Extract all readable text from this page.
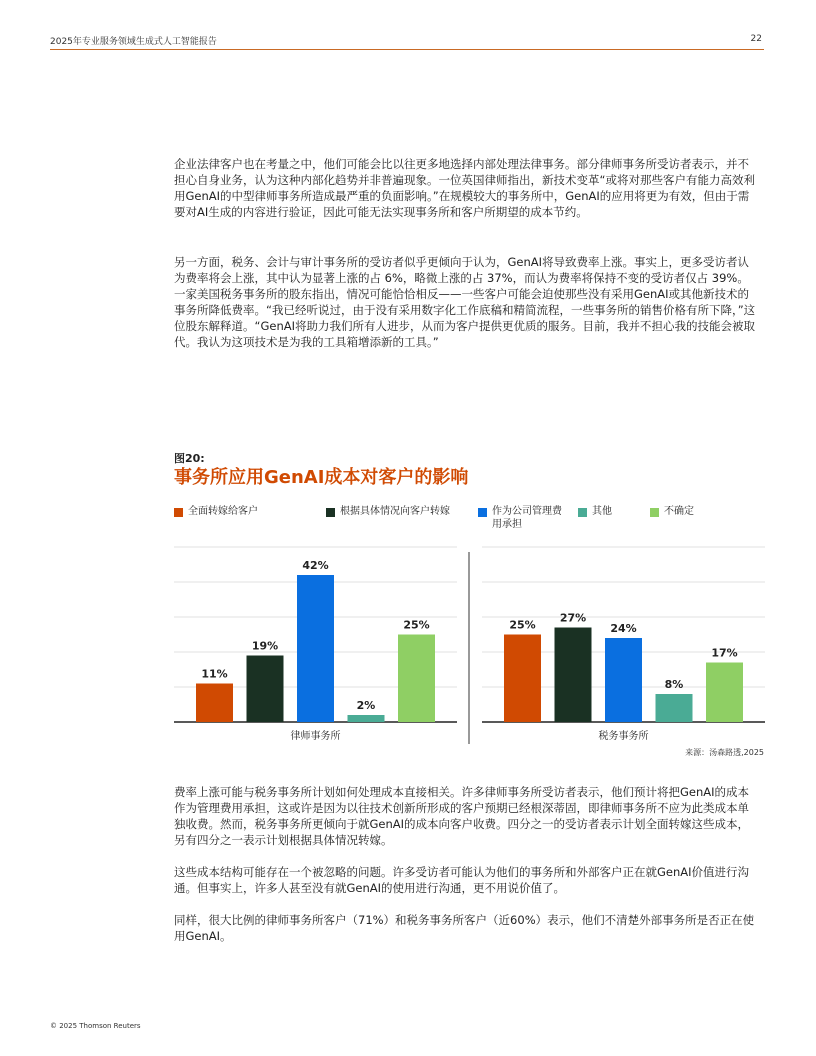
2025年专业服务领域生成式人工智能报告	22

企业法律客户也在考量之中，他们可能会比以往更多地选择内部处理法律事务。部分律师事务所受访者表示，并不担心自身业务，认为这种内部化趋势并非普遍现象。一位英国律师指出，新技术变革“或将对那些客户有能力高效利用GenAI的中型律师事务所造成最严重的负面影响。”在规模较大的事务所中，GenAI的应用将更为有效，但由于需要对AI生成的内容进行验证，因此可能无法实现事务所和客户所期望的成本节约。

另一方面，税务、会计与审计事务所的受访者似乎更倾向于认为，GenAI将导致费率上涨。事实上，更多受访者认为费率将会上涨，其中认为显著上涨的占 6%，略微上涨的占 37%，而认为费率将保持不变的受访者仅占 39%。一家美国税务事务所的股东指出，情况可能恰恰相反——一些客户可能会迫使那些没有采用GenAI或其他新技术的事务所降低费率。“我已经听说过，由于没有采用数字化工作底稿和精简流程，一些事务所的销售价格有所下降，”这位股东解释道。“GenAI将助力我们所有人进步，从而为客户提供更优质的服务。目前，我并不担心我的技能会被取代。我认为这项技术是为我的工具箱增添新的工具。”

图20:
事务所应用GenAI成本对客户的影响
全面转嫁给客户	根据具体情况向客户转嫁	作为公司管理费用承担
其他	不确定
11%
19%
42%
2%
25%
律师事务所
25%
27%
24%
8%
17%
税务事务所
来源：汤森路透,2025

费率上涨可能与税务事务所计划如何处理成本直接相关。许多律师事务所受访者表示，他们预计将把GenAI的成本作为管理费用承担，这或许是因为以往技术创新所形成的客户预期已经根深蒂固，即律师事务所不应为此类成本单独收费。然而，税务事务所更倾向于就GenAI的成本向客户收费。四分之一的受访者表示计划全面转嫁这些成本，另有四分之一表示计划根据具体情况转嫁。

这些成本结构可能存在一个被忽略的问题。许多受访者可能认为他们的事务所和外部客户正在就GenAI价值进行沟通。但事实上，许多人甚至没有就GenAI的使用进行沟通，更不用说价值了。

同样，很大比例的律师事务所客户（71%）和税务事务所客户（近60%）表示，他们不清楚外部事务所是否正在使用GenAI。

© 2025 Thomson Reuters
